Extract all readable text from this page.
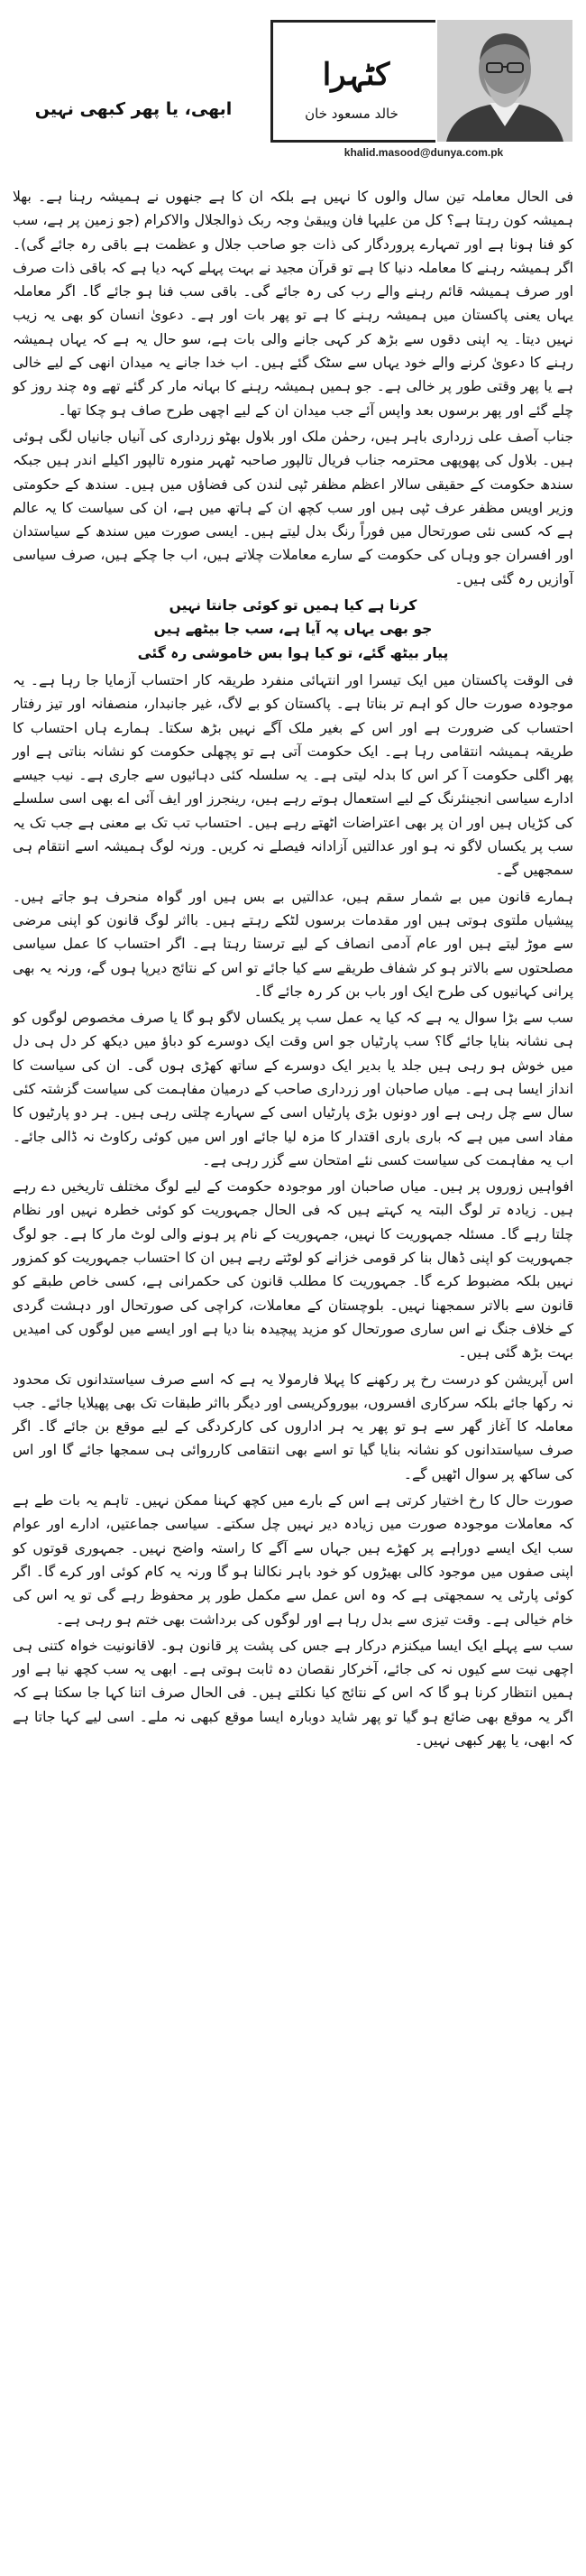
ابھی، یا پھر کبھی نہیں
کٹہرا
خالد مسعود خان
khalid.masood@dunya.com.pk

فی الحال معاملہ تین سال والوں کا نہیں ہے بلکہ ان کا ہے جنھوں نے ہمیشہ رہنا ہے۔ بھلا ہمیشہ کون رہتا ہے؟ کل من علیہا فان ویبقیٰ وجہ ربک ذوالجلال والاکرام (جو زمین پر ہے، سب کو فنا ہونا ہے اور تمہارے پروردگار کی ذات جو صاحب جلال و عظمت ہے باقی رہ جائے گی)۔ اگر ہمیشہ رہنے کا معاملہ دنیا کا ہے تو قرآن مجید نے بہت پہلے کہہ دیا ہے کہ باقی ذات صرف اور صرف ہمیشہ قائم رہنے والے رب کی رہ جائے گی۔ باقی سب فنا ہو جائے گا۔ اگر معاملہ یہاں یعنی پاکستان میں ہمیشہ رہنے کا ہے تو پھر بات اور ہے۔ دعویٰ انسان کو بھی یہ زیب نہیں دیتا۔ یہ اپنی دقوں سے بڑھ کر کہی جانے والی بات ہے، سو حال یہ ہے کہ یہاں ہمیشہ رہنے کا دعویٰ کرنے والے خود یہاں سے سٹک گئے ہیں۔ اب خدا جانے یہ میدان انھی کے لیے خالی ہے یا پھر وقتی طور پر خالی ہے۔ جو ہمیں ہمیشہ رہنے کا بہانہ مار کر گئے تھے وہ چند روز کو چلے گئے اور پھر برسوں بعد واپس آئے جب میدان ان کے لیے اچھی طرح صاف ہو چکا تھا۔

جناب آصف علی زرداری باہر ہیں، رحمٰن ملک اور بلاول بھٹو زرداری کی آنیاں جانیاں لگی ہوئی ہیں۔ بلاول کی پھوپھی محترمہ جناب فریال تالپور صاحبہ ٹھہر منورہ تالپور اکیلے اندر ہیں جبکہ سندھ حکومت کے حقیقی سالار اعظم مظفر ٹپی لندن کی فضاؤں میں ہیں۔ سندھ کے حکومتی وزیر اویس مظفر عرف ٹپی ہیں اور سب کچھ ان کے ہاتھ میں ہے، ان کی سیاست کا یہ عالم ہے کہ کسی نئی صورتحال میں فوراً رنگ بدل لیتے ہیں۔ ایسی صورت میں سندھ کے سیاستدان اور افسران جو وہاں کی حکومت کے سارے معاملات چلاتے ہیں، اب جا چکے ہیں، صرف سیاسی آوازیں رہ گئی ہیں۔

کرنا ہے کیا ہمیں تو کوئی جانتا نہیں
جو بھی یہاں پہ آیا ہے، سب جا بیٹھے ہیں
پیار بیٹھ گئے، تو کیا ہوا بس خاموشی رہ گئی

فی الوقت پاکستان میں ایک تیسرا اور انتہائی منفرد طریقہ کار احتساب آزمایا جا رہا ہے۔ یہ موجودہ صورت حال کو اہم تر بناتا ہے۔ پاکستان کو بے لاگ، غیر جانبدار، منصفانہ اور تیز رفتار احتساب کی ضرورت ہے اور اس کے بغیر ملک آگے نہیں بڑھ سکتا۔ ہمارے ہاں احتساب کا طریقہ ہمیشہ انتقامی رہا ہے۔ ایک حکومت آتی ہے تو پچھلی حکومت کو نشانہ بناتی ہے اور پھر اگلی حکومت آ کر اس کا بدلہ لیتی ہے۔ یہ سلسلہ کئی دہائیوں سے جاری ہے۔ نیب جیسے ادارے سیاسی انجینئرنگ کے لیے استعمال ہوتے رہے ہیں، رینجرز اور ایف آئی اے بھی اسی سلسلے کی کڑیاں ہیں اور ان پر بھی اعتراضات اٹھتے رہے ہیں۔ احتساب تب تک بے معنی ہے جب تک یہ سب پر یکساں لاگو نہ ہو اور عدالتیں آزادانہ فیصلے نہ کریں۔ ورنہ لوگ ہمیشہ اسے انتقام ہی سمجھیں گے۔

ہمارے قانون میں بے شمار سقم ہیں، عدالتیں بے بس ہیں اور گواہ منحرف ہو جاتے ہیں۔ پیشیاں ملتوی ہوتی ہیں اور مقدمات برسوں لٹکے رہتے ہیں۔ بااثر لوگ قانون کو اپنی مرضی سے موڑ لیتے ہیں اور عام آدمی انصاف کے لیے ترستا رہتا ہے۔ اگر احتساب کا عمل سیاسی مصلحتوں سے بالاتر ہو کر شفاف طریقے سے کیا جائے تو اس کے نتائج دیرپا ہوں گے، ورنہ یہ بھی پرانی کہانیوں کی طرح ایک اور باب بن کر رہ جائے گا۔

سب سے بڑا سوال یہ ہے کہ کیا یہ عمل سب پر یکساں لاگو ہو گا یا صرف مخصوص لوگوں کو ہی نشانہ بنایا جائے گا؟ سب پارٹیاں جو اس وقت ایک دوسرے کو دباؤ میں دیکھ کر دل ہی دل میں خوش ہو رہی ہیں جلد یا بدیر ایک دوسرے کے ساتھ کھڑی ہوں گی۔ ان کی سیاست کا انداز ایسا ہی ہے۔ میاں صاحبان اور زرداری صاحب کے درمیان مفاہمت کی سیاست گزشتہ کئی سال سے چل رہی ہے اور دونوں بڑی پارٹیاں اسی کے سہارے چلتی رہی ہیں۔ ہر دو پارٹیوں کا مفاد اسی میں ہے کہ باری باری اقتدار کا مزہ لیا جائے اور اس میں کوئی رکاوٹ نہ ڈالی جائے۔ اب یہ مفاہمت کی سیاست کسی نئے امتحان سے گزر رہی ہے۔

افواہیں زوروں پر ہیں۔ میاں صاحبان اور موجودہ حکومت کے لیے لوگ مختلف تاریخیں دے رہے ہیں۔ زیادہ تر لوگ البتہ یہ کہتے ہیں کہ فی الحال جمہوریت کو کوئی خطرہ نہیں اور نظام چلتا رہے گا۔ مسئلہ جمہوریت کا نہیں، جمہوریت کے نام پر ہونے والی لوٹ مار کا ہے۔ جو لوگ جمہوریت کو اپنی ڈھال بنا کر قومی خزانے کو لوٹتے رہے ہیں ان کا احتساب جمہوریت کو کمزور نہیں بلکہ مضبوط کرے گا۔ جمہوریت کا مطلب قانون کی حکمرانی ہے، کسی خاص طبقے کو قانون سے بالاتر سمجھنا نہیں۔ بلوچستان کے معاملات، کراچی کی صورتحال اور دہشت گردی کے خلاف جنگ نے اس ساری صورتحال کو مزید پیچیدہ بنا دیا ہے اور ایسے میں لوگوں کی امیدیں بہت بڑھ گئی ہیں۔

اس آپریشن کو درست رخ پر رکھنے کا پہلا فارمولا یہ ہے کہ اسے صرف سیاستدانوں تک محدود نہ رکھا جائے بلکہ سرکاری افسروں، بیوروکریسی اور دیگر بااثر طبقات تک بھی پھیلایا جائے۔ جب معاملہ کا آغاز گھر سے ہو تو پھر یہ ہر اداروں کی کارکردگی کے لیے موقع بن جائے گا۔ اگر صرف سیاستدانوں کو نشانہ بنایا گیا تو اسے بھی انتقامی کارروائی ہی سمجھا جائے گا اور اس کی ساکھ پر سوال اٹھیں گے۔

صورت حال کا رخ اختیار کرتی ہے اس کے بارے میں کچھ کہنا ممکن نہیں۔ تاہم یہ بات طے ہے کہ معاملات موجودہ صورت میں زیادہ دیر نہیں چل سکتے۔ سیاسی جماعتیں، ادارے اور عوام سب ایک ایسے دوراہے پر کھڑے ہیں جہاں سے آگے کا راستہ واضح نہیں۔ جمہوری قوتوں کو اپنی صفوں میں موجود کالی بھیڑوں کو خود باہر نکالنا ہو گا ورنہ یہ کام کوئی اور کرے گا۔ اگر کوئی پارٹی یہ سمجھتی ہے کہ وہ اس عمل سے مکمل طور پر محفوظ رہے گی تو یہ اس کی خام خیالی ہے۔ وقت تیزی سے بدل رہا ہے اور لوگوں کی برداشت بھی ختم ہو رہی ہے۔

سب سے پہلے ایک ایسا میکنزم درکار ہے جس کی پشت پر قانون ہو۔ لاقانونیت خواہ کتنی ہی اچھی نیت سے کیوں نہ کی جائے، آخرکار نقصان دہ ثابت ہوتی ہے۔ ابھی یہ سب کچھ نیا ہے اور ہمیں انتظار کرنا ہو گا کہ اس کے نتائج کیا نکلتے ہیں۔ فی الحال صرف اتنا کہا جا سکتا ہے کہ اگر یہ موقع بھی ضائع ہو گیا تو پھر شاید دوبارہ ایسا موقع کبھی نہ ملے۔ اسی لیے کہا جاتا ہے کہ ابھی، یا پھر کبھی نہیں۔
